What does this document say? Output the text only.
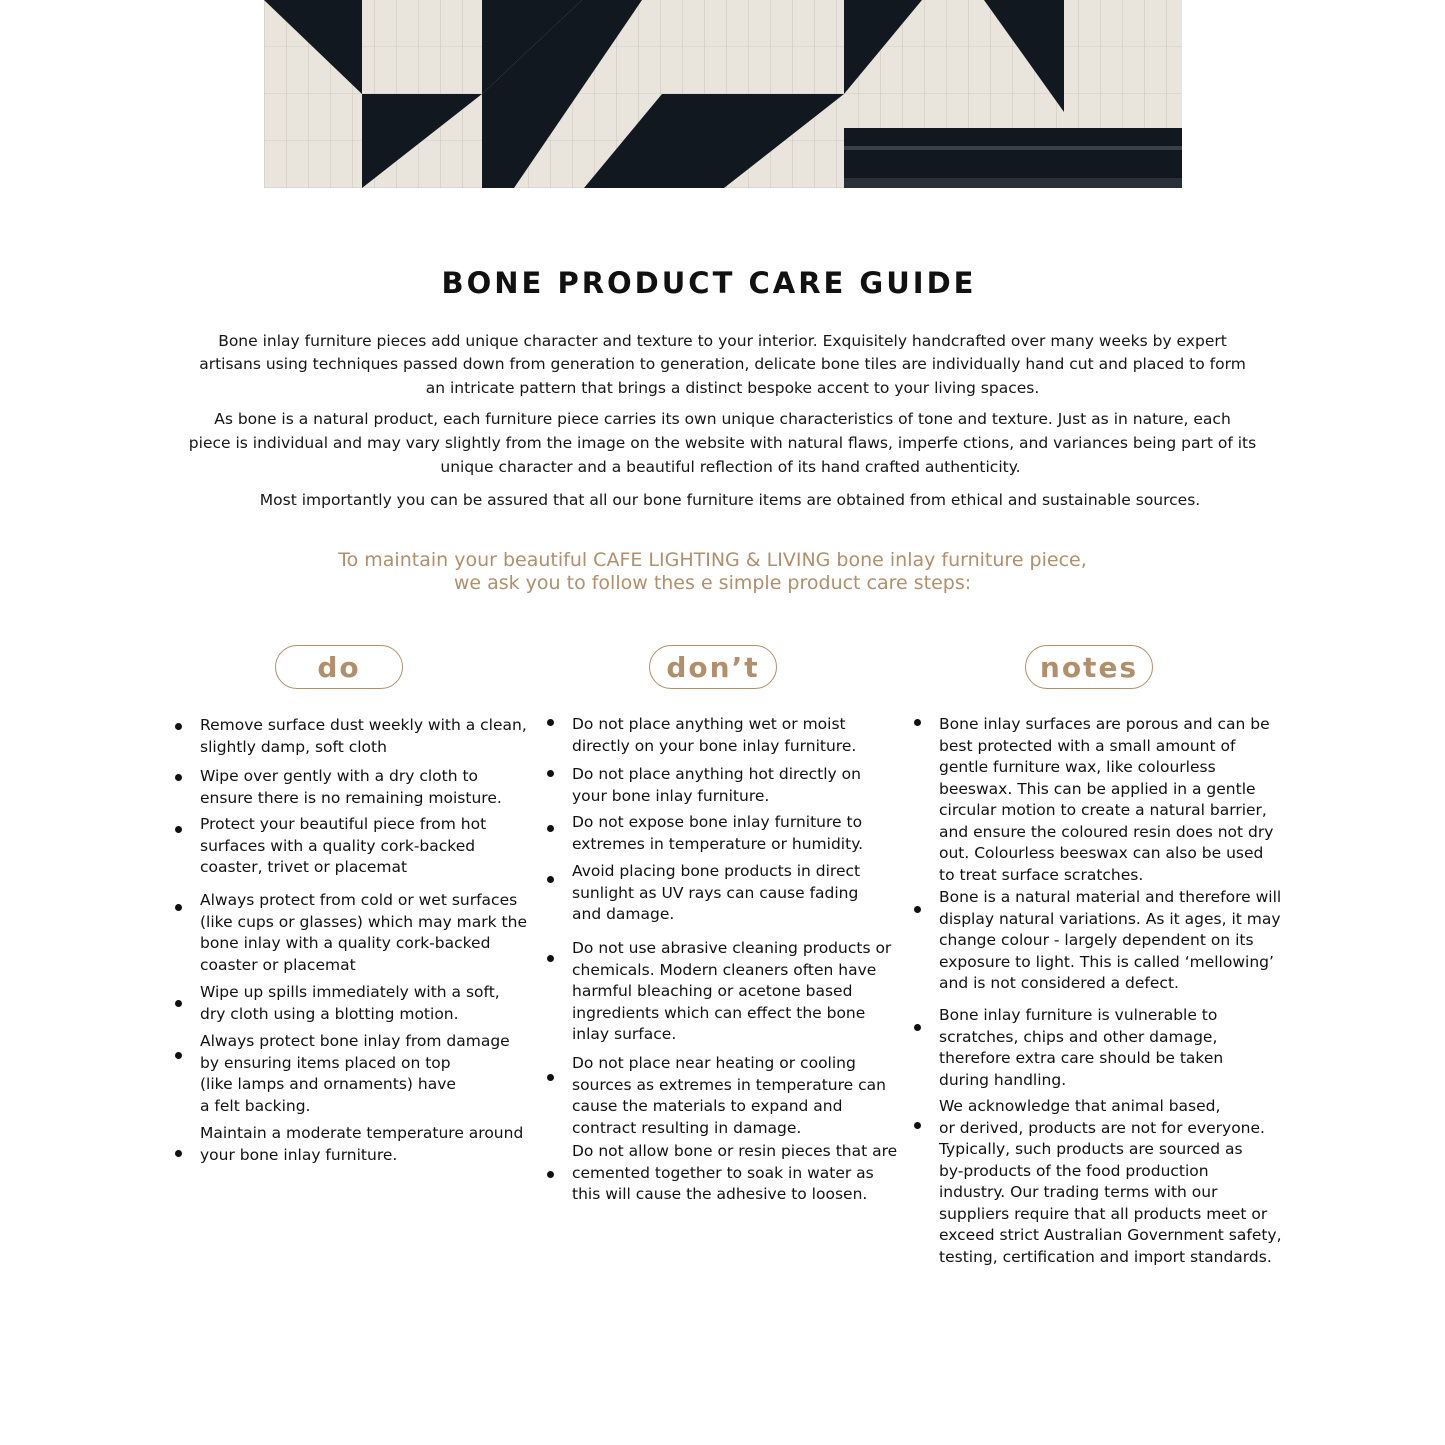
BONE PRODUCT CARE GUIDE

Bone inlay furniture pieces add unique character and texture to your interior. Exquisitely handcrafted over many weeks by expert

artisans using techniques passed down from generation to generation, delicate bone tiles are individually hand cut and placed to form

an intricate pattern that brings a distinct bespoke accent to your living spaces.

As bone is a natural product, each furniture piece carries its own unique characteristics of tone and texture. Just as in nature, each

piece is individual and may vary slightly from the image on the website with natural flaws, imperfe ctions, and variances being part of its

unique character and a beautiful reflection of its hand crafted authenticity.

Most importantly you can be assured that all our bone furniture items are obtained from ethical and sustainable sources.

To maintain your beautiful CAFE LIGHTING & LIVING bone inlay furniture piece,
we ask you to follow thes e simple product care steps:
do	don’t	notes

Remove surface dust weekly with a clean,
slightly damp, soft cloth

Wipe over gently with a dry cloth to
ensure there is no remaining moisture.

Protect your beautiful piece from hot
surfaces with a quality cork-backed
coaster, trivet or placemat

Always protect from cold or wet surfaces
(like cups or glasses) which may mark the
bone inlay with a quality cork-backed
coaster or placemat

Wipe up spills immediately with a soft,
dry cloth using a blotting motion.

Always protect bone inlay from damage
by ensuring items placed on top
(like lamps and ornaments) have
a felt backing.

Maintain a moderate temperature around
your bone inlay furniture.

Do not place anything wet or moist
directly on your bone inlay furniture.

Do not place anything hot directly on
your bone inlay furniture.

Do not expose bone inlay furniture to
extremes in temperature or humidity.

Avoid placing bone products in direct
sunlight as UV rays can cause fading
and damage.

Do not use abrasive cleaning products or
chemicals. Modern cleaners often have
harmful bleaching or acetone based
ingredients which can effect the bone
inlay surface.

Do not place near heating or cooling
sources as extremes in temperature can
cause the materials to expand and
contract resulting in damage.

Do not allow bone or resin pieces that are
cemented together to soak in water as
this will cause the adhesive to loosen.

Bone inlay surfaces are porous and can be
best protected with a small amount of
gentle furniture wax, like colourless
beeswax. This can be applied in a gentle
circular motion to create a natural barrier,
and ensure the coloured resin does not dry
out. Colourless beeswax can also be used
to treat surface scratches.

Bone is a natural material and therefore will
display natural variations. As it ages, it may
change colour - largely dependent on its
exposure to light. This is called ‘mellowing’
and is not considered a defect.

Bone inlay furniture is vulnerable to
scratches, chips and other damage,
therefore extra care should be taken
during handling.

We acknowledge that animal based,
or derived, products are not for everyone.
Typically, such products are sourced as
by-products of the food production
industry. Our trading terms with our
suppliers require that all products meet or
exceed strict Australian Government safety,
testing, certification and import standards.
